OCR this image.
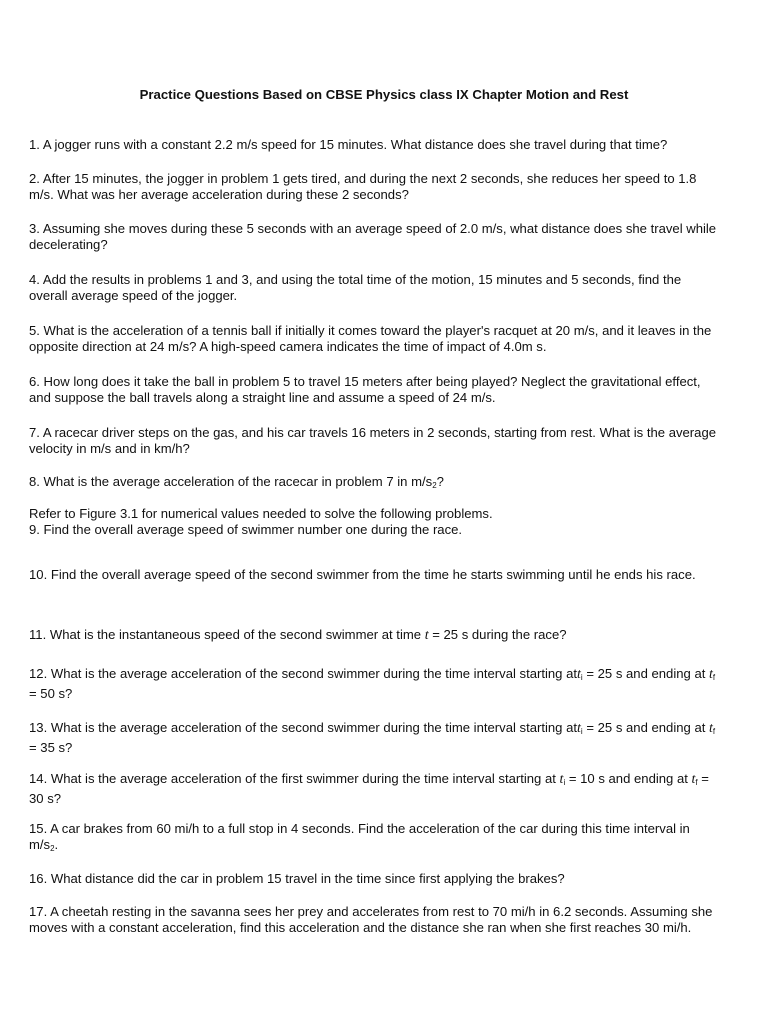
Practice Questions Based on CBSE Physics class IX Chapter Motion and Rest

1. A jogger runs with a constant 2.2 m/s speed for 15 minutes. What distance does she travel during that time?

2. After 15 minutes, the jogger in problem 1 gets tired, and during the next 2 seconds, she reduces her speed to 1.8 m/s. What was her average acceleration during these 2 seconds?

3. Assuming she moves during these 5 seconds with an average speed of 2.0 m/s, what distance does she travel while decelerating?

4. Add the results in problems 1 and 3, and using the total time of the motion, 15 minutes and 5 seconds, find the overall average speed of the jogger.

5. What is the acceleration of a tennis ball if initially it comes toward the player's racquet at 20 m/s, and it leaves in the opposite direction at 24 m/s? A high-speed camera indicates the time of impact of 4.0m s.

6. How long does it take the ball in problem 5 to travel 15 meters after being played? Neglect the gravitational effect, and suppose the ball travels along a straight line and assume a speed of 24 m/s.

7. A racecar driver steps on the gas, and his car travels 16 meters in 2 seconds, starting from rest. What is the average velocity in m/s and in km/h?

8. What is the average acceleration of the racecar in problem 7 in $m/s_2$?

Refer to Figure 3.1 for numerical values needed to solve the following problems.

9. Find the overall average speed of swimmer number one during the race.

10. Find the overall average speed of the second swimmer from the time he starts swimming until he ends his race.

11. What is the instantaneous speed of the second swimmer at time t = 25 s during the race?

12. What is the average acceleration of the second swimmer during the time interval starting att$_i$ = 25 s and ending at $t_f = 50$ s?

13. What is the average acceleration of the second swimmer during the time interval starting att$_i$ = 25 s and ending at $t_f = 35$ s?

14. What is the average acceleration of the first swimmer during the time interval starting at $t_i = 10$ s and ending at $t_f = 30$ s?

15. A car brakes from 60 mi/h to a full stop in 4 seconds. Find the acceleration of the car during this time interval in $m/s_2$.

16. What distance did the car in problem 15 travel in the time since first applying the brakes?

17. A cheetah resting in the savanna sees her prey and accelerates from rest to 70 mi/h in 6.2 seconds. Assuming she moves with a constant acceleration, find this acceleration and the distance she ran when she first reaches 30 mi/h.
